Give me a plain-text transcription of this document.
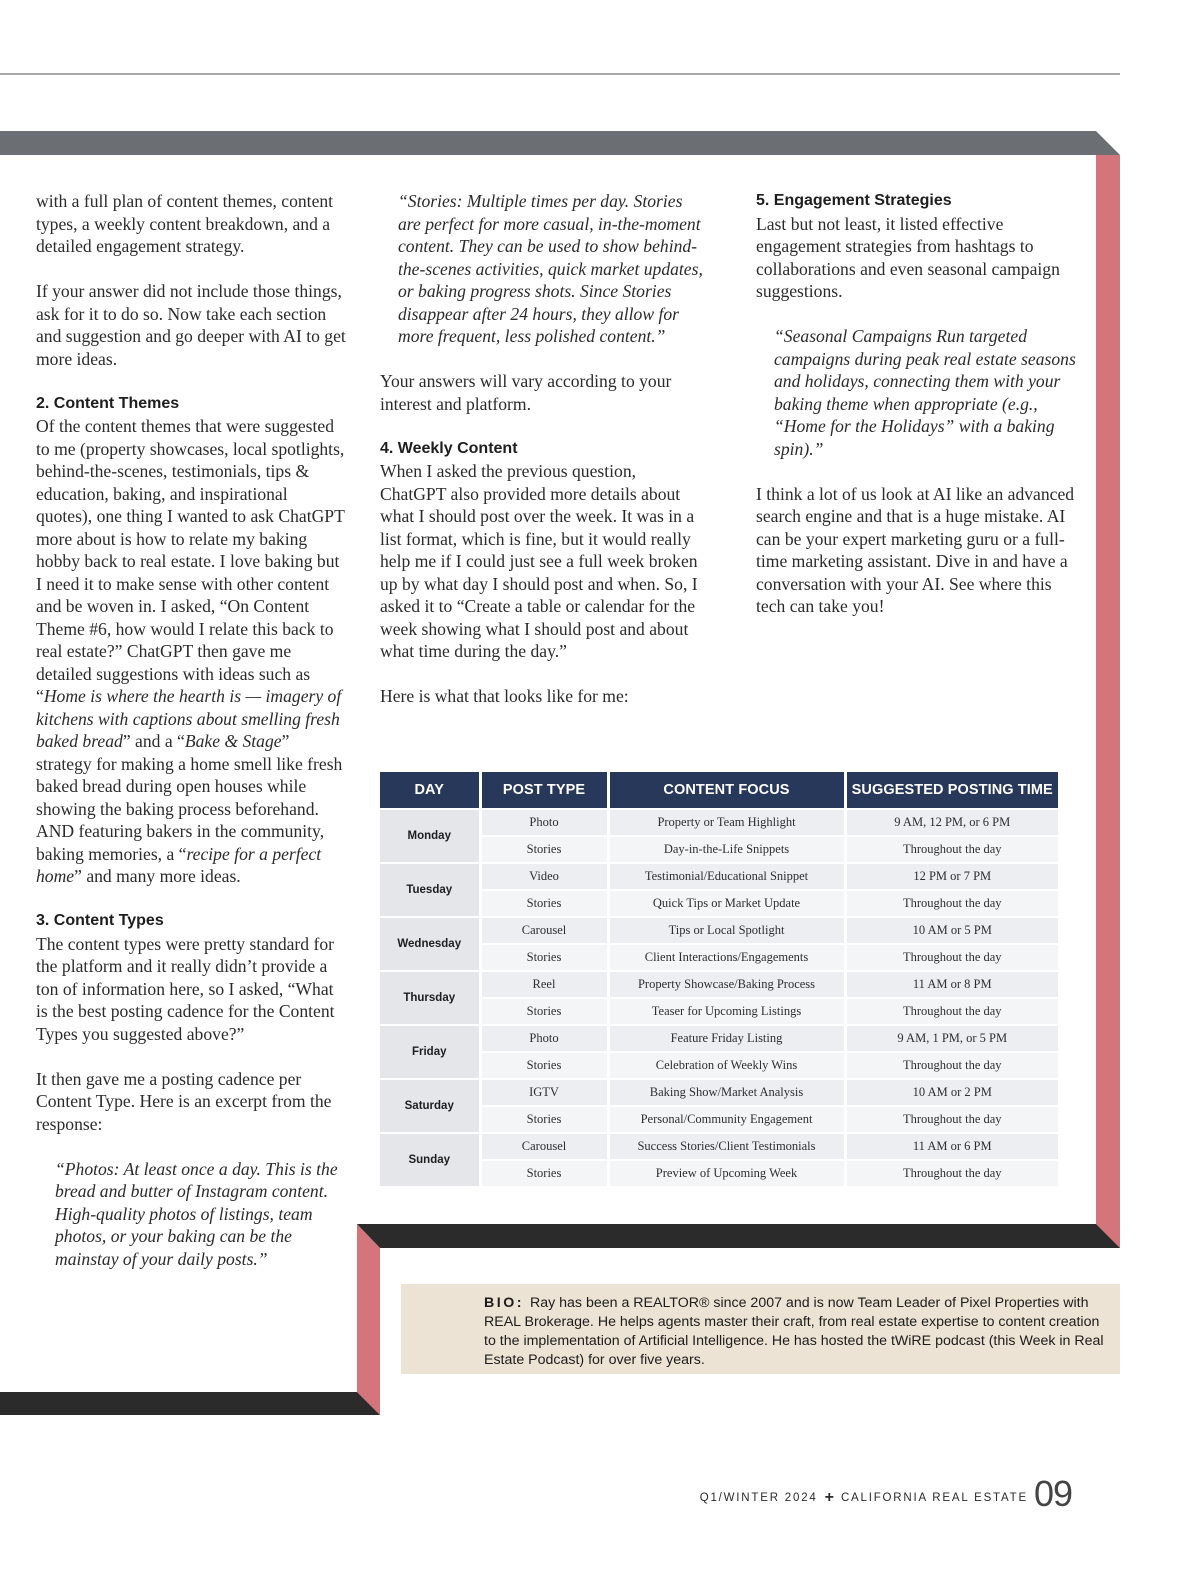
with a full plan of content themes, content types, a weekly content breakdown, and a detailed engagement strategy.

If your answer did not include those things, ask for it to do so. Now take each section and suggestion and go deeper with AI to get more ideas.

2. Content Themes

Of the content themes that were suggested to me (property showcases, local spotlights, behind-the-scenes, testimonials, tips & education, baking, and inspirational quotes), one thing I wanted to ask ChatGPT more about is how to relate my baking hobby back to real estate. I love baking but I need it to make sense with other content and be woven in. I asked, “On Content Theme #6, how would I relate this back to real estate?” ChatGPT then gave me detailed suggestions with ideas such as “Home is where the hearth is — imagery of kitchens with captions about smelling fresh baked bread” and a “Bake & Stage” strategy for making a home smell like fresh baked bread during open houses while showing the baking process beforehand. AND featuring bakers in the community, baking memories, a “recipe for a perfect home” and many more ideas.

3. Content Types

The content types were pretty standard for the platform and it really didn’t provide a ton of information here, so I asked, “What is the best posting cadence for the Content Types you suggested above?”

It then gave me a posting cadence per Content Type. Here is an excerpt from the response:

“Photos: At least once a day. This is the bread and butter of Instagram content. High-quality photos of listings, team photos, or your baking can be the mainstay of your daily posts.”

“Stories: Multiple times per day. Stories are perfect for more casual, in-the-moment content. They can be used to show behind-the-scenes activities, quick market updates, or baking progress shots. Since Stories disappear after 24 hours, they allow for more frequent, less polished content.”

Your answers will vary according to your interest and platform.

4. Weekly Content

When I asked the previous question, ChatGPT also provided more details about what I should post over the week. It was in a list format, which is fine, but it would really help me if I could just see a full week broken up by what day I should post and when. So, I asked it to “Create a table or calendar for the week showing what I should post and about what time during the day.”

Here is what that looks like for me:

5. Engagement Strategies

Last but not least, it listed effective engagement strategies from hashtags to collaborations and even seasonal campaign suggestions.

“Seasonal Campaigns Run targeted campaigns during peak real estate seasons and holidays, connecting them with your baking theme when appropriate (e.g., “Home for the Holidays” with a baking spin).”

I think a lot of us look at AI like an advanced search engine and that is a huge mistake. AI can be your expert marketing guru or a full-time marketing assistant. Dive in and have a conversation with your AI. See where this tech can take you!

DAY	POST TYPE	CONTENT FOCUS	SUGGESTED POSTING TIME
Monday	Photo	Property or Team Highlight	9 AM, 12 PM, or 6 PM
	Stories	Day-in-the-Life Snippets	Throughout the day
Tuesday	Video	Testimonial/Educational Snippet	12 PM or 7 PM
	Stories	Quick Tips or Market Update	Throughout the day
Wednesday	Carousel	Tips or Local Spotlight	10 AM or 5 PM
	Stories	Client Interactions/Engagements	Throughout the day
Thursday	Reel	Property Showcase/Baking Process	11 AM or 8 PM
	Stories	Teaser for Upcoming Listings	Throughout the day
Friday	Photo	Feature Friday Listing	9 AM, 1 PM, or 5 PM
	Stories	Celebration of Weekly Wins	Throughout the day
Saturday	IGTV	Baking Show/Market Analysis	10 AM or 2 PM
	Stories	Personal/Community Engagement	Throughout the day
Sunday	Carousel	Success Stories/Client Testimonials	11 AM or 6 PM
	Stories	Preview of Upcoming Week	Throughout the day
BIO: Ray has been a REALTOR® since 2007 and is now Team Leader of Pixel Properties with REAL Brokerage. He helps agents master their craft, from real estate expertise to content creation to the implementation of Artificial Intelligence. He has hosted the tWiRE podcast (this Week in Real Estate Podcast) for over five years.
Q1/WINTER 2024 + CALIFORNIA REAL ESTATE 09
